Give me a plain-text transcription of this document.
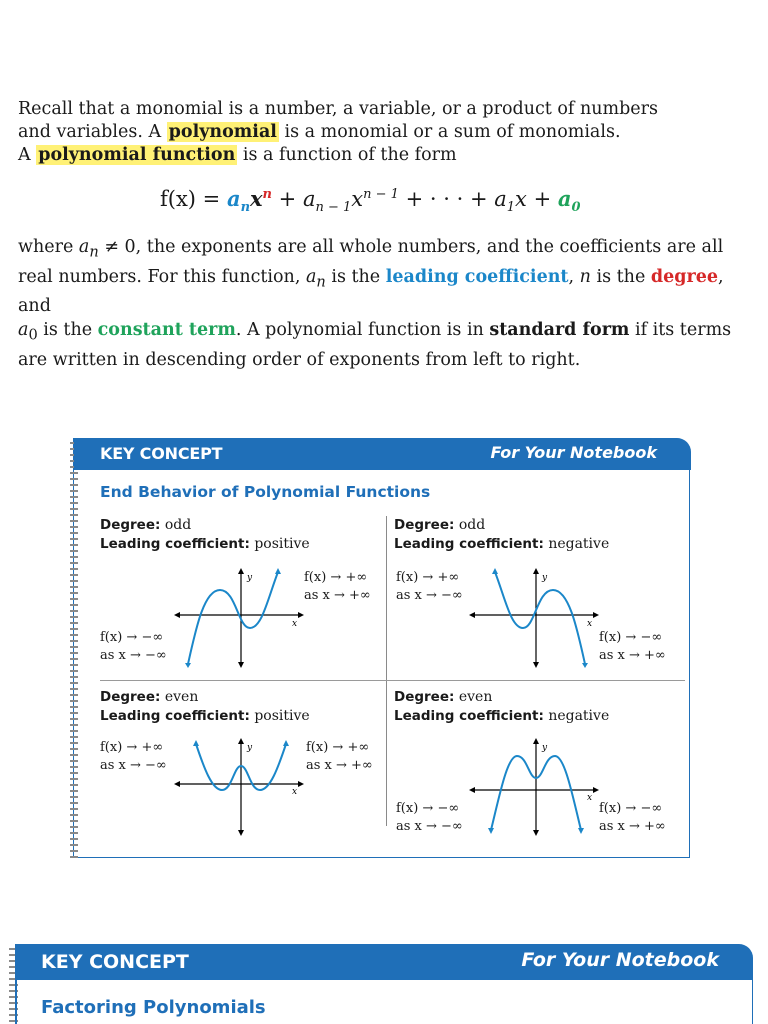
Recall that a monomial is a number, a variable, or a product of numbers

and variables. A polynomial is a monomial or a sum of monomials.

A polynomial function is a function of the form

$f(x) = a_nx^n + a_{n - 1}x^{n - 1}$ + · · · + $a_1x + a_0$

where $a_n \ne 0$, the exponents are all whole numbers, and the coefficients are all

real numbers. For this function, $a_n$ is the leading coefficient, n is the degree, and

$a_0$ is the constant term. A polynomial function is in standard form if its terms

are written in descending order of exponents from left to right.

KEY CONCEPT	For Your Notebook
End Behavior of Polynomial Functions
Degree: odd
Leading coefficient: positive
f(x) → −∞
as x → −∞
f(x) → +∞
as x → +∞
y
x
Degree: odd
Leading coefficient: negative
f(x) → +∞
as x → −∞
f(x) → −∞
as x → +∞
y
x
Degree: even
Leading coefficient: positive
f(x) → +∞
as x → −∞
f(x) → +∞
as x → +∞
y
x
Degree: even
Leading coefficient: negative
f(x) → −∞
as x → −∞
f(x) → −∞
as x → +∞
y
x
KEY CONCEPT	For Your Notebook
Factoring Polynomials
